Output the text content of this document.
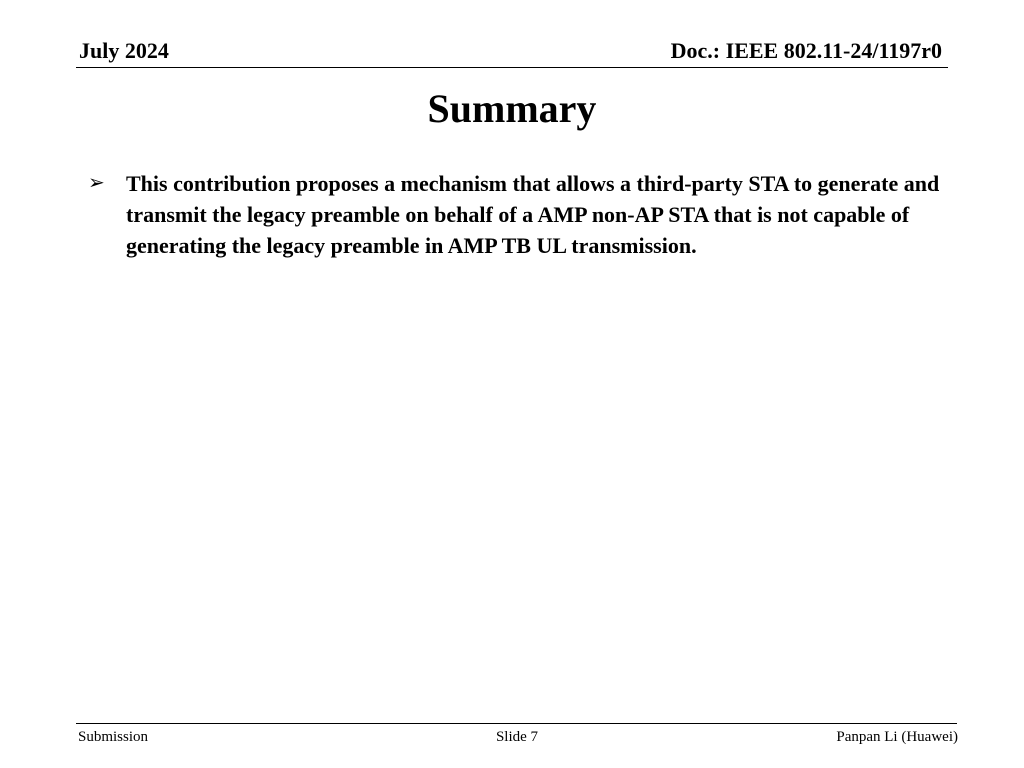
July 2024	Doc.: IEEE 802.11-24/1197r0
Summary
➢ This contribution proposes a mechanism that allows a third-party STA to generate and transmit the legacy preamble on behalf of a AMP non-AP STA that is not capable of generating the legacy preamble in AMP TB UL transmission.
Submission	Slide 7	Panpan Li (Huawei)
